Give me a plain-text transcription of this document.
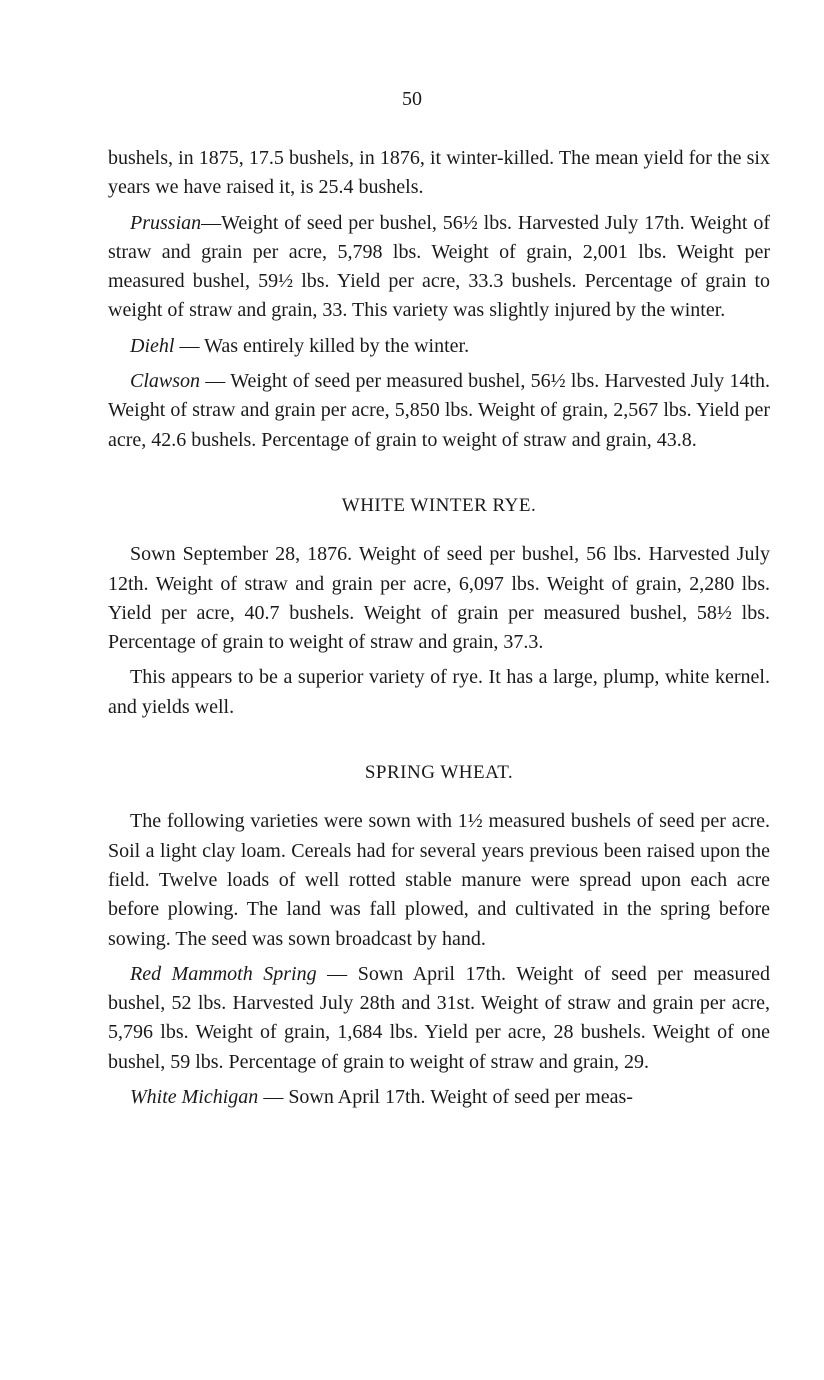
50

bushels, in 1875, 17.5 bushels, in 1876, it winter-killed. The mean yield for the six years we have raised it, is 25.4 bushels.

Prussian—Weight of seed per bushel, 56½ lbs. Harvested July 17th. Weight of straw and grain per acre, 5,798 lbs. Weight of grain, 2,001 lbs. Weight per measured bushel, 59½ lbs. Yield per acre, 33.3 bushels. Percentage of grain to weight of straw and grain, 33. This variety was slightly injured by the winter.

Diehl — Was entirely killed by the winter.

Clawson — Weight of seed per measured bushel, 56½ lbs. Harvested July 14th. Weight of straw and grain per acre, 5,850 lbs. Weight of grain, 2,567 lbs. Yield per acre, 42.6 bushels. Percentage of grain to weight of straw and grain, 43.8.

WHITE WINTER RYE.

Sown September 28, 1876. Weight of seed per bushel, 56 lbs. Harvested July 12th. Weight of straw and grain per acre, 6,097 lbs. Weight of grain, 2,280 lbs. Yield per acre, 40.7 bushels. Weight of grain per measured bushel, 58½ lbs. Percentage of grain to weight of straw and grain, 37.3.

This appears to be a superior variety of rye. It has a large, plump, white kernel. and yields well.

SPRING WHEAT.

The following varieties were sown with 1½ measured bushels of seed per acre. Soil a light clay loam. Cereals had for several years previous been raised upon the field. Twelve loads of well rotted stable manure were spread upon each acre before plowing. The land was fall plowed, and cultivated in the spring before sowing. The seed was sown broadcast by hand.

Red Mammoth Spring — Sown April 17th. Weight of seed per measured bushel, 52 lbs. Harvested July 28th and 31st. Weight of straw and grain per acre, 5,796 lbs. Weight of grain, 1,684 lbs. Yield per acre, 28 bushels. Weight of one bushel, 59 lbs. Percentage of grain to weight of straw and grain, 29.

White Michigan — Sown April 17th. Weight of seed per meas-
